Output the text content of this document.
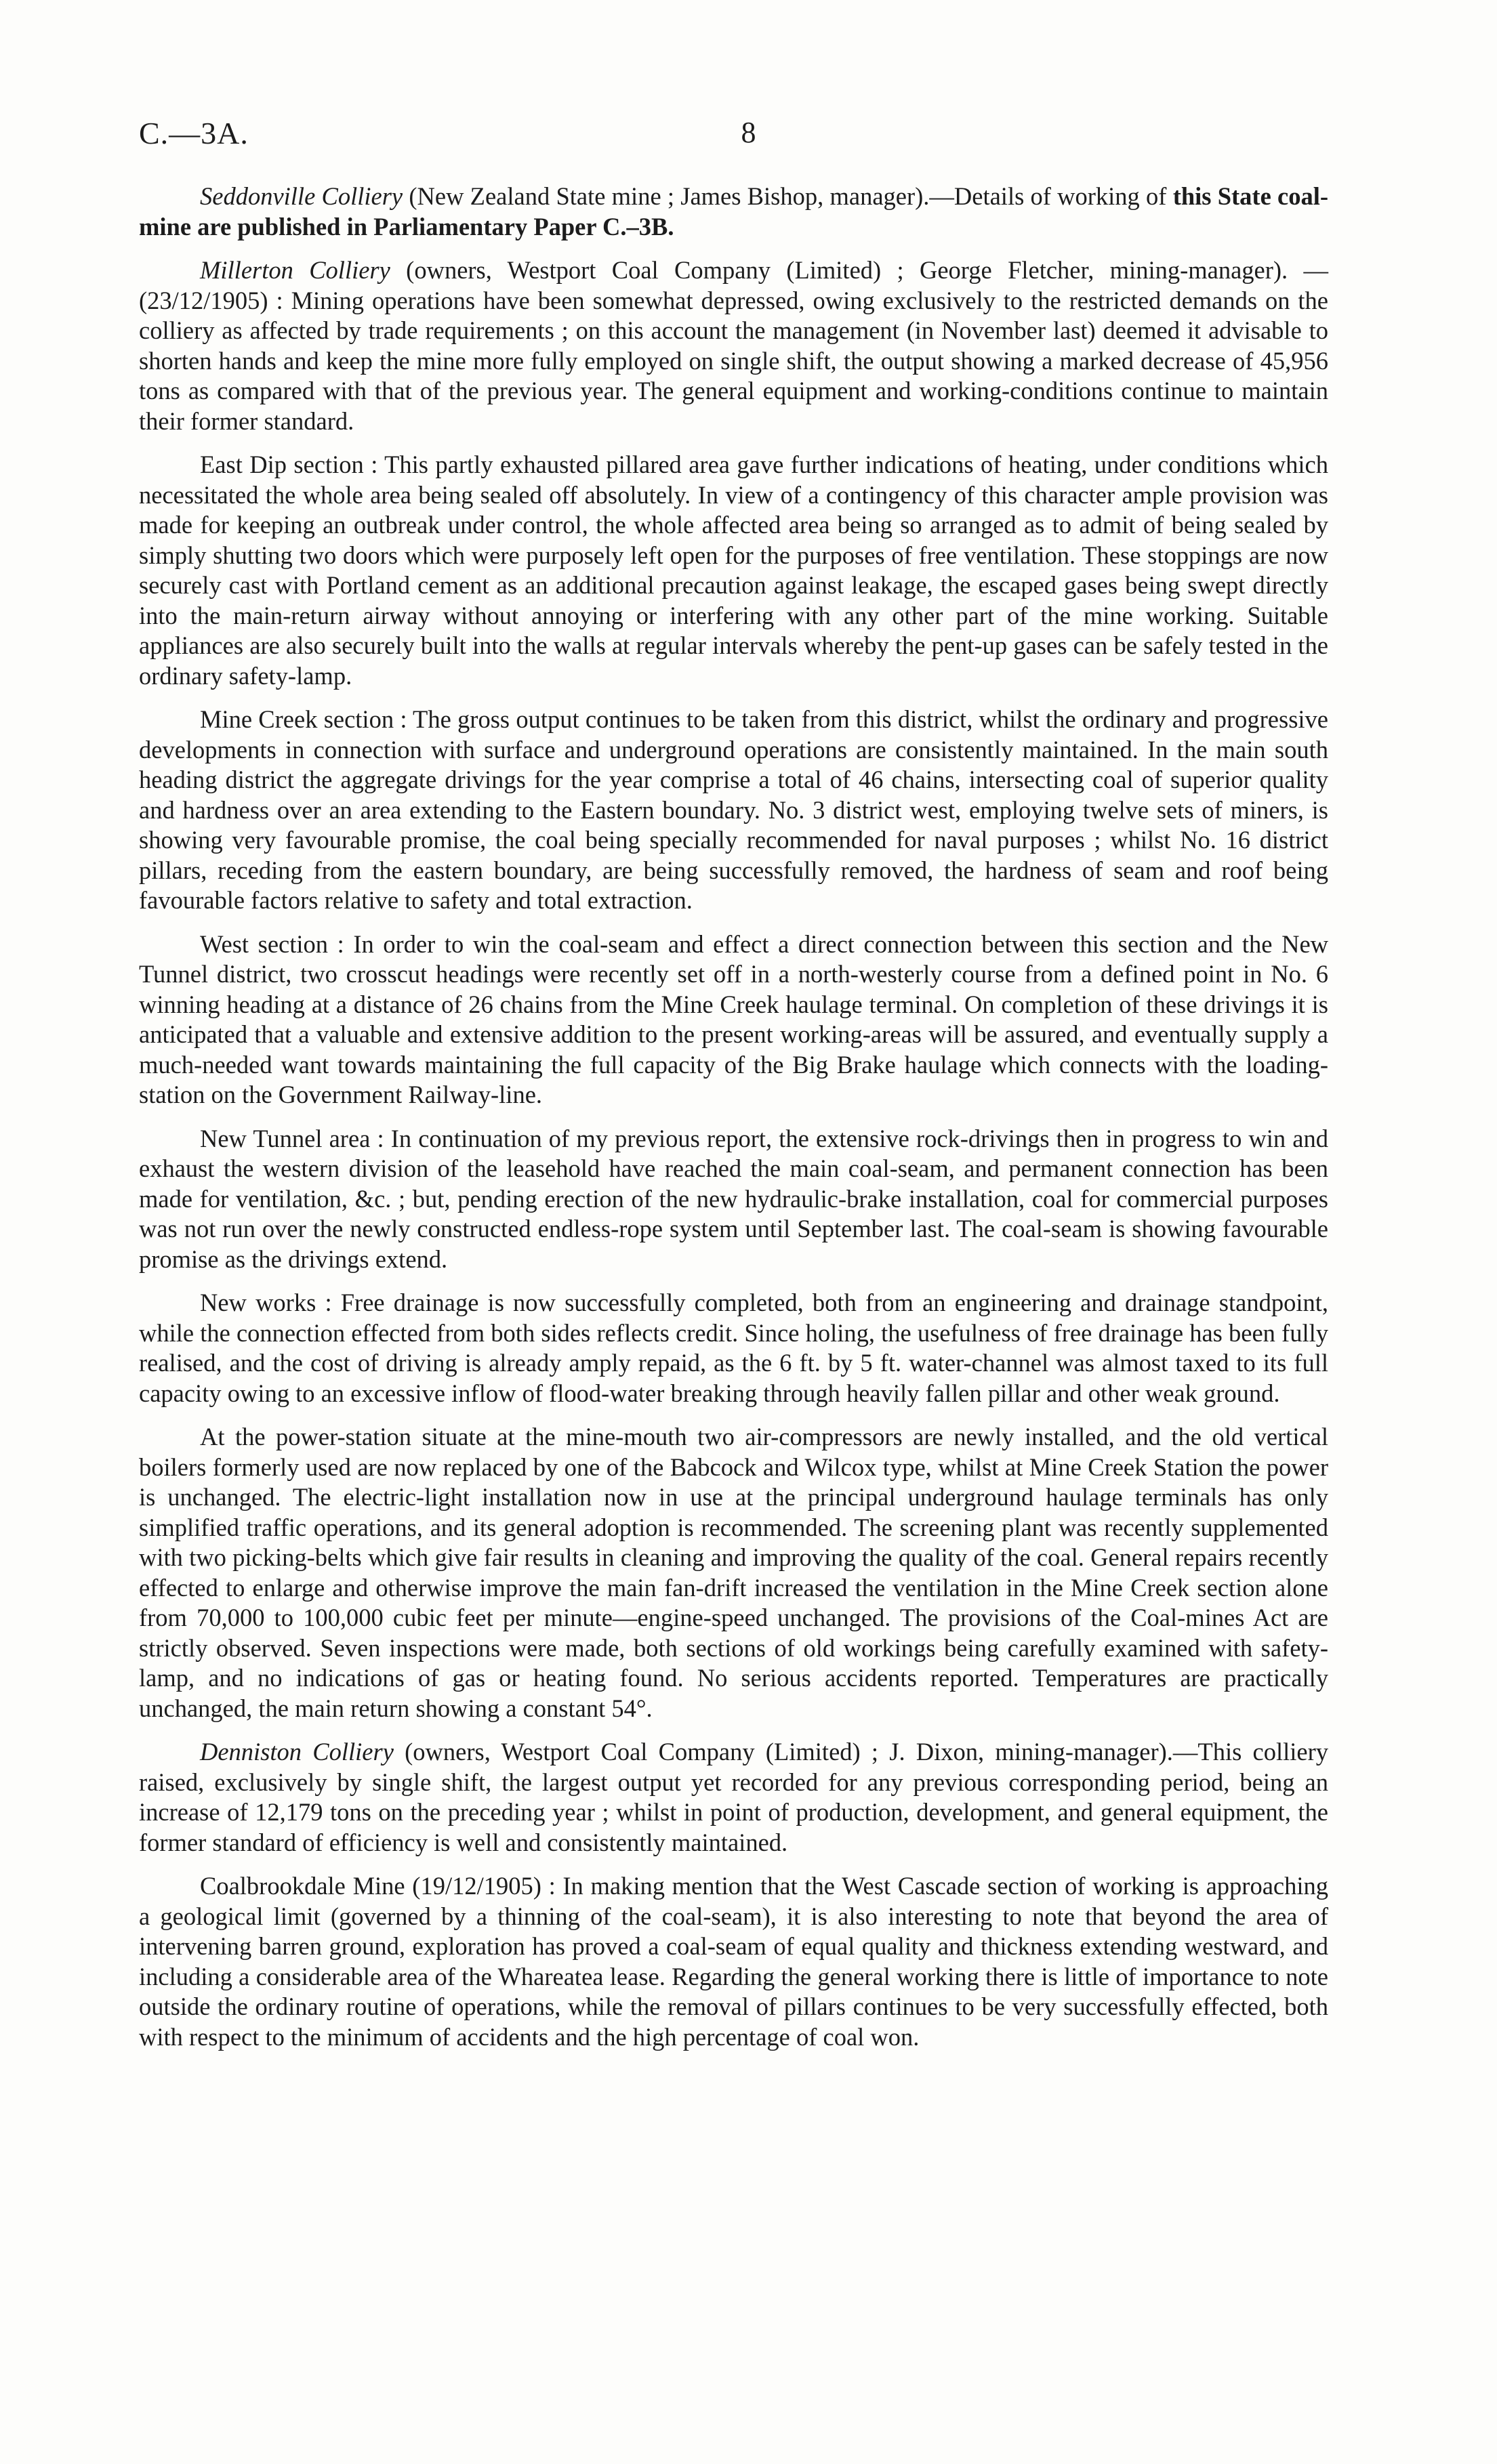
C.—3A.	8

Seddonville Colliery (New Zealand State mine ; James Bishop, manager).—Details of working of this State coal-mine are published in Parliamentary Paper C.–3B.

Millerton Colliery (owners, Westport Coal Company (Limited) ; George Fletcher, mining-manager). —(23/12/1905) : Mining operations have been somewhat depressed, owing exclusively to the restricted demands on the colliery as affected by trade requirements ; on this account the management (in November last) deemed it advisable to shorten hands and keep the mine more fully employed on single shift, the output showing a marked decrease of 45,956 tons as compared with that of the previous year. The general equipment and working-conditions continue to maintain their former standard.

East Dip section : This partly exhausted pillared area gave further indications of heating, under conditions which necessitated the whole area being sealed off absolutely. In view of a contingency of this character ample provision was made for keeping an outbreak under control, the whole affected area being so arranged as to admit of being sealed by simply shutting two doors which were purposely left open for the purposes of free ventilation. These stoppings are now securely cast with Portland cement as an additional precaution against leakage, the escaped gases being swept directly into the main-return airway without annoying or interfering with any other part of the mine working. Suitable appliances are also securely built into the walls at regular intervals whereby the pent-up gases can be safely tested in the ordinary safety-lamp.

Mine Creek section : The gross output continues to be taken from this district, whilst the ordinary and progressive developments in connection with surface and underground operations are consistently maintained. In the main south heading district the aggregate drivings for the year comprise a total of 46 chains, intersecting coal of superior quality and hardness over an area extending to the Eastern boundary. No. 3 district west, employing twelve sets of miners, is showing very favourable promise, the coal being specially recommended for naval purposes ; whilst No. 16 district pillars, receding from the eastern boundary, are being successfully removed, the hardness of seam and roof being favourable factors relative to safety and total extraction.

West section : In order to win the coal-seam and effect a direct connection between this section and the New Tunnel district, two crosscut headings were recently set off in a north-westerly course from a defined point in No. 6 winning heading at a distance of 26 chains from the Mine Creek haulage terminal. On completion of these drivings it is anticipated that a valuable and extensive addition to the present working-areas will be assured, and eventually supply a much-needed want towards maintaining the full capacity of the Big Brake haulage which connects with the loading-station on the Government Railway-line.

New Tunnel area : In continuation of my previous report, the extensive rock-drivings then in progress to win and exhaust the western division of the leasehold have reached the main coal-seam, and permanent connection has been made for ventilation, &c. ; but, pending erection of the new hydraulic-brake installation, coal for commercial purposes was not run over the newly constructed endless-rope system until September last. The coal-seam is showing favourable promise as the drivings extend.

New works : Free drainage is now successfully completed, both from an engineering and drainage standpoint, while the connection effected from both sides reflects credit. Since holing, the usefulness of free drainage has been fully realised, and the cost of driving is already amply repaid, as the 6 ft. by 5 ft. water-channel was almost taxed to its full capacity owing to an excessive inflow of flood-water breaking through heavily fallen pillar and other weak ground.

At the power-station situate at the mine-mouth two air-compressors are newly installed, and the old vertical boilers formerly used are now replaced by one of the Babcock and Wilcox type, whilst at Mine Creek Station the power is unchanged. The electric-light installation now in use at the principal underground haulage terminals has only simplified traffic operations, and its general adoption is recommended. The screening plant was recently supplemented with two picking-belts which give fair results in cleaning and improving the quality of the coal. General repairs recently effected to enlarge and otherwise improve the main fan-drift increased the ventilation in the Mine Creek section alone from 70,000 to 100,000 cubic feet per minute—engine-speed unchanged. The provisions of the Coal-mines Act are strictly observed. Seven inspections were made, both sections of old workings being carefully examined with safety-lamp, and no indications of gas or heating found. No serious accidents reported. Temperatures are practically unchanged, the main return showing a constant 54°.

Denniston Colliery (owners, Westport Coal Company (Limited) ; J. Dixon, mining-manager).—This colliery raised, exclusively by single shift, the largest output yet recorded for any previous corresponding period, being an increase of 12,179 tons on the preceding year ; whilst in point of production, development, and general equipment, the former standard of efficiency is well and consistently maintained.

Coalbrookdale Mine (19/12/1905) : In making mention that the West Cascade section of working is approaching a geological limit (governed by a thinning of the coal-seam), it is also interesting to note that beyond the area of intervening barren ground, exploration has proved a coal-seam of equal quality and thickness extending westward, and including a considerable area of the Whareatea lease. Regarding the general working there is little of importance to note outside the ordinary routine of operations, while the removal of pillars continues to be very successfully effected, both with respect to the minimum of accidents and the high percentage of coal won.
